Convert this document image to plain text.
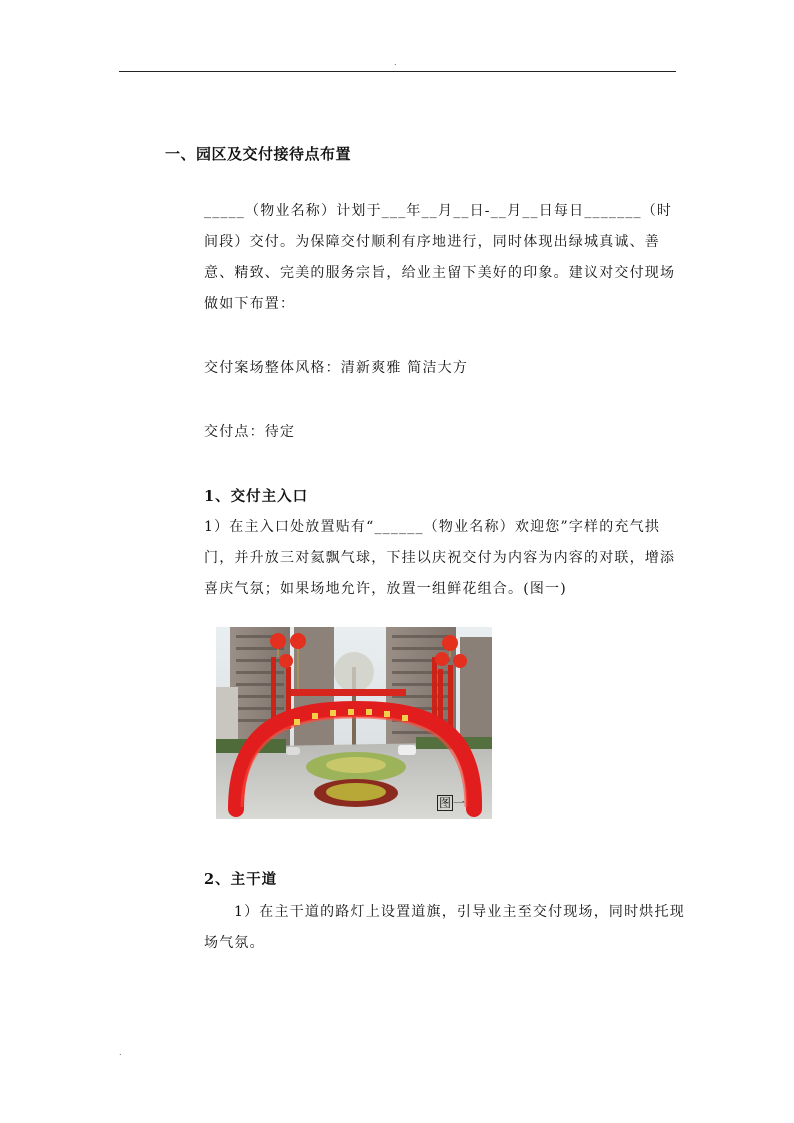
.
一、园区及交付接待点布置
_____（物业名称）计划于___年__月__日-__月__日每日_______（时间段）交付。为保障交付顺利有序地进行，同时体现出绿城真诚、善意、精致、完美的服务宗旨，给业主留下美好的印象。建议对交付现场做如下布置：
交付案场整体风格：清新爽雅 简洁大方
交付点：待定
1、交付主入口
1）在主入口处放置贴有“______（物业名称）欢迎您”字样的充气拱门，并升放三对氦飘气球，下挂以庆祝交付为内容为内容的对联，增添喜庆气氛；如果场地允许，放置一组鲜花组合。(图一)
图 一
2、主干道
1）在主干道的路灯上设置道旗，引导业主至交付现场，同时烘托现场气氛。
.
